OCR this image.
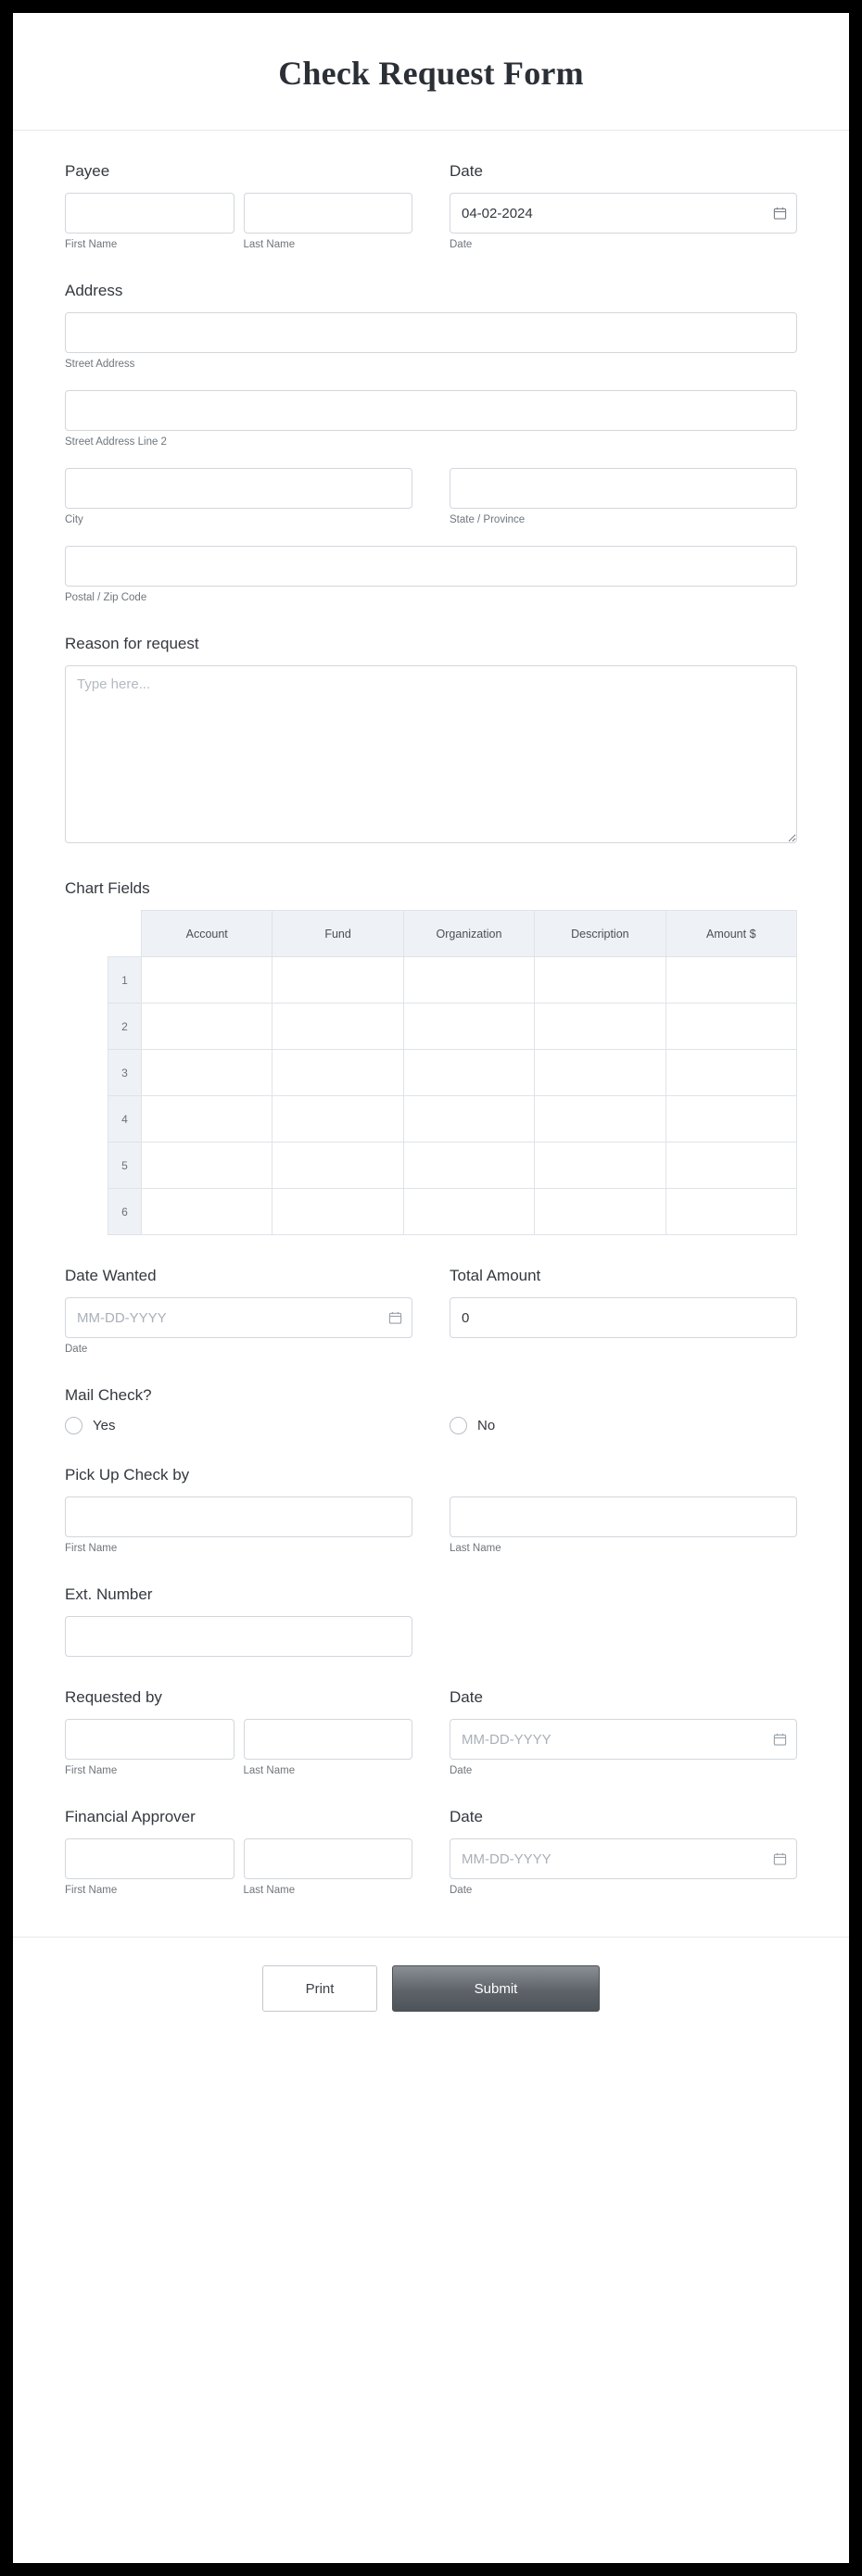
Check Request Form
Payee
First Name	Last Name
Date
04-02-2024
Date
Address
Street Address
Street Address Line 2
City	State / Province
Postal / Zip Code
Reason for request
Type here...
Chart Fields
	Account	Fund	Organization	Description	Amount $
1					
2					
3					
4					
5					
6					
Date Wanted
MM-DD-YYYY
Date
Total Amount
0
Mail Check?
Yes	No
Pick Up Check by
First Name	Last Name
Ext. Number
Requested by
First Name	Last Name
Date
MM-DD-YYYY
Date
Financial Approver
First Name	Last Name
Date
MM-DD-YYYY
Date
Print	Submit
